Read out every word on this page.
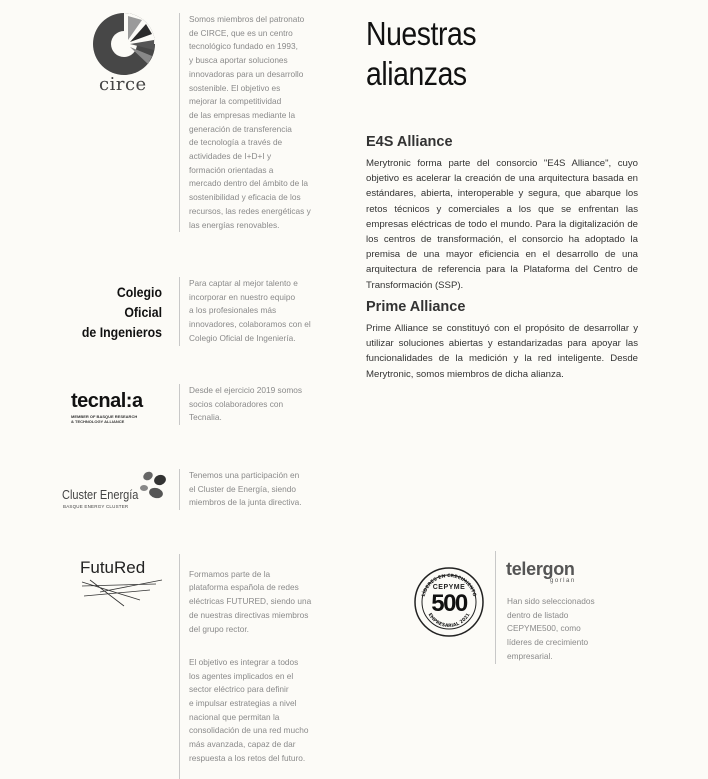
circe
Somos miembros del patronato
de CIRCE, que es un centro
tecnológico fundado en 1993,
y busca aportar soluciones
innovadoras para un desarrollo
sostenible. El objetivo es
mejorar la competitividad
de las empresas mediante la
generación de transferencia
de tecnología a través de
actividades de I+D+I y
formación orientadas a
mercado dentro del ámbito de la
sostenibilidad y eficacia de los
recursos, las redes energéticas y
las energías renovables.
Colegio Oficial
de Ingenieros
Para captar al mejor talento e
incorporar en nuestro equipo
a los profesionales más
innovadores, colaboramos con el
Colegio Oficial de Ingeniería.
tecnal:a
MEMBER OF BASQUE RESEARCH
& TECHNOLOGY ALLIANCE
Desde el ejercicio 2019 somos
socios colaboradores con
Tecnalia.
Cluster Energía
BASQUE ENERGY CLUSTER
Tenemos una participación en
el Cluster de Energía, siendo
miembros de la junta directiva.
FutuRed	Formamos parte de la
plataforma española de redes
eléctricas FUTURED, siendo una
de nuestras directivas miembros
del grupo rector.

El objetivo es integrar a todos
los agentes implicados en el
sector eléctrico para definir
e impulsar estrategias a nivel
nacional que permitan la
consolidación de una red mucho
más avanzada, capaz de dar
respuesta a los retos del futuro.

Nuestras
alianzas
E4S Alliance
Merytronic forma parte del consorcio "E4S Alliance", cuyo objetivo es acelerar la creación de una arquitectura basada en estándares, abierta, interoperable y segura, que abarque los retos técnicos y comerciales a los que se enfrentan las empresas eléctricas de todo el mundo. Para la digitalización de los centros de transformación, el consorcio ha adoptado la premisa de una mayor eficiencia en el desarrollo de una arquitectura de referencia para la Plataforma del Centro de Transformación (SSP).
Prime Alliance
Prime Alliance se constituyó con el propósito de desarrollar y utilizar soluciones abiertas y estandarizadas para apoyar las funcionalidades de la medición y la red inteligente. Desde Merytronic, somos miembros de dicha alianza.
LÍDERES EN CRECIMIENTO
EMPRESARIAL 2021
CEPYME
500
telergon
gorlan
Han sido seleccionados
dentro de listado
CEPYME500, como
líderes de crecimiento
empresarial.
